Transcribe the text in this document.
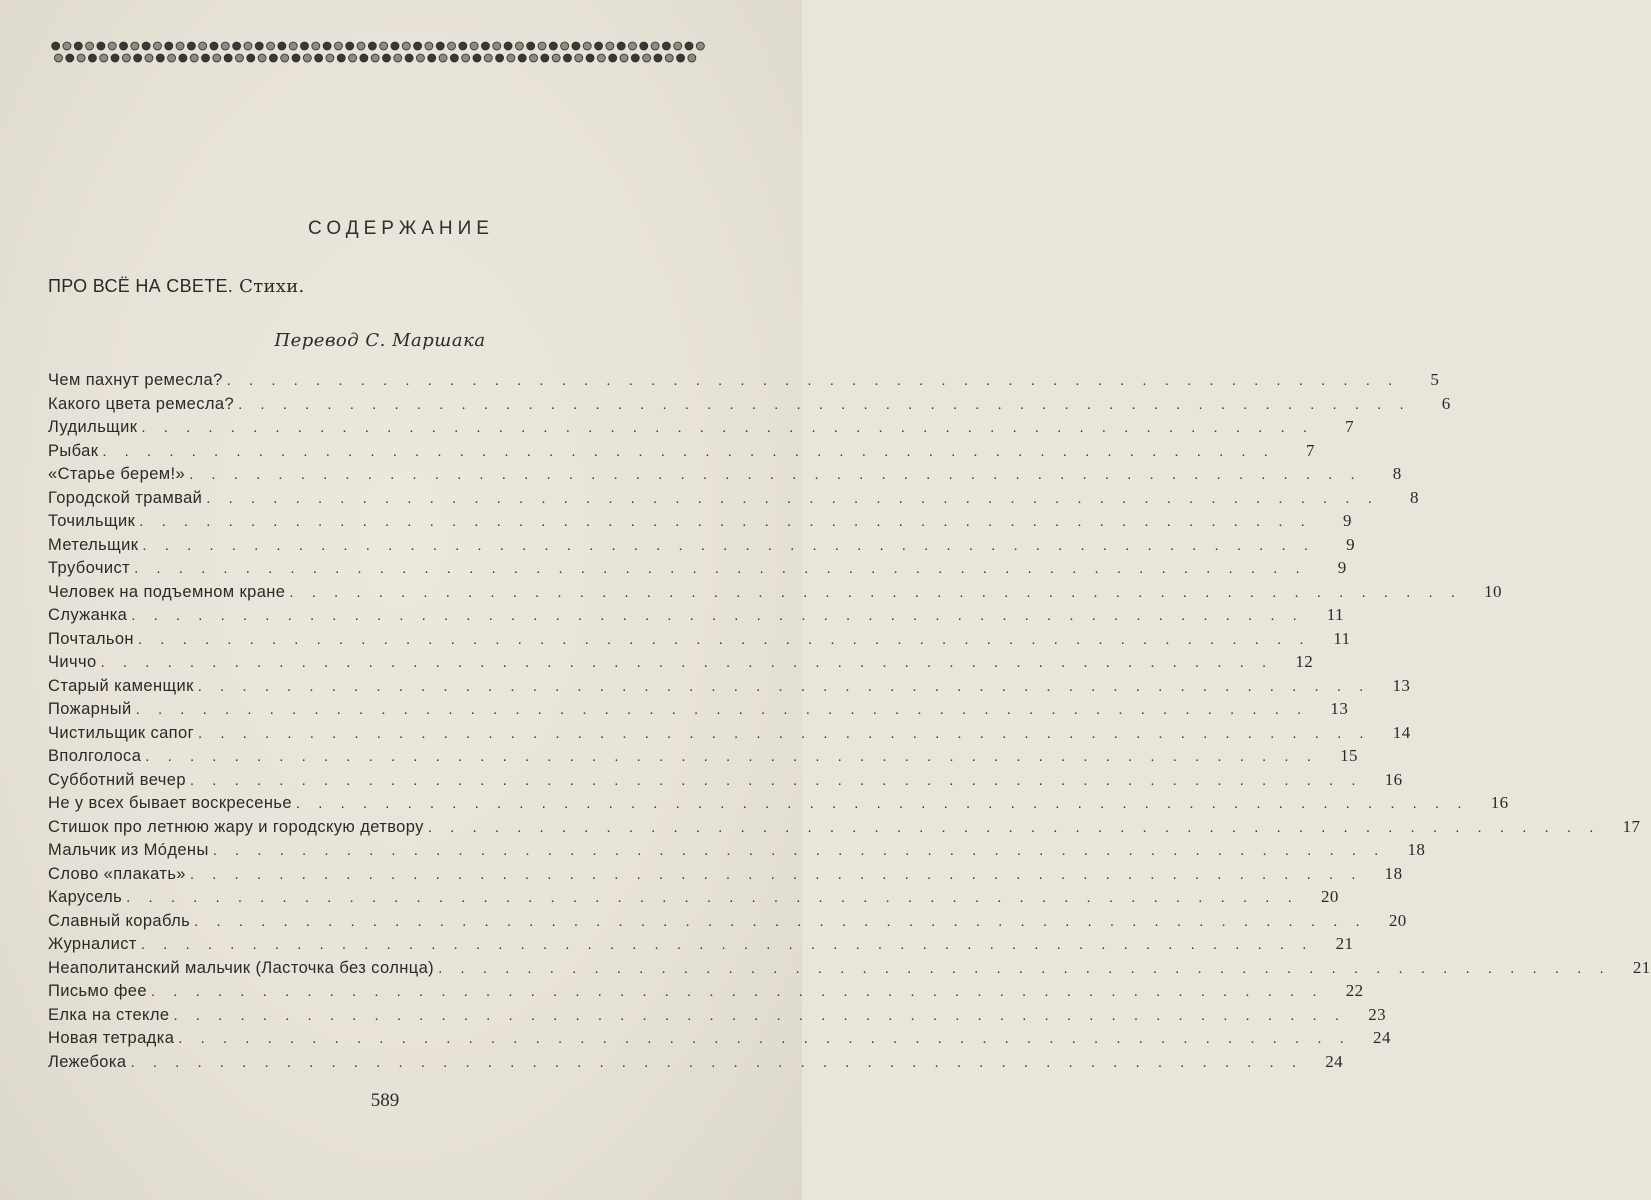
СОДЕРЖАНИЕ
ПРО ВСЁ НА СВЕТЕ. Стихи.
Перевод С. Маршака
Чем пахнут ремесла? . . . . . . . . . . . . . . . . . . . . . . . . . . . . . . . . . . . . . . . . . . . . . . . . . . . . .	5
Какого цвета ремесла? . . . . . . . . . . . . . . . . . . . . . . . . . . . . . . . . . . . . . . . . . . . . . . . . . . . . .	6
Лудильщик . . . . . . . . . . . . . . . . . . . . . . . . . . . . . . . . . . . . . . . . . . . . . . . . . . . . .	7
Рыбак . . . . . . . . . . . . . . . . . . . . . . . . . . . . . . . . . . . . . . . . . . . . . . . . . . . . .	7
«Старье берем!» . . . . . . . . . . . . . . . . . . . . . . . . . . . . . . . . . . . . . . . . . . . . . . . . . . . . .	8
Городской трамвай . . . . . . . . . . . . . . . . . . . . . . . . . . . . . . . . . . . . . . . . . . . . . . . . . . . . .	8
Точильщик . . . . . . . . . . . . . . . . . . . . . . . . . . . . . . . . . . . . . . . . . . . . . . . . . . . . .	9
Метельщик . . . . . . . . . . . . . . . . . . . . . . . . . . . . . . . . . . . . . . . . . . . . . . . . . . . . .	9
Трубочист . . . . . . . . . . . . . . . . . . . . . . . . . . . . . . . . . . . . . . . . . . . . . . . . . . . . .	9
Человек на подъемном кране . . . . . . . . . . . . . . . . . . . . . . . . . . . . . . . . . . . . . . . . . . . . . . . . . . . . .	10
Служанка . . . . . . . . . . . . . . . . . . . . . . . . . . . . . . . . . . . . . . . . . . . . . . . . . . . . .	11
Почтальон . . . . . . . . . . . . . . . . . . . . . . . . . . . . . . . . . . . . . . . . . . . . . . . . . . . . .	11
Чиччо . . . . . . . . . . . . . . . . . . . . . . . . . . . . . . . . . . . . . . . . . . . . . . . . . . . . .	12
Старый каменщик . . . . . . . . . . . . . . . . . . . . . . . . . . . . . . . . . . . . . . . . . . . . . . . . . . . . .	13
Пожарный . . . . . . . . . . . . . . . . . . . . . . . . . . . . . . . . . . . . . . . . . . . . . . . . . . . . .	13
Чистильщик сапог . . . . . . . . . . . . . . . . . . . . . . . . . . . . . . . . . . . . . . . . . . . . . . . . . . . . .	14
Вполголоса . . . . . . . . . . . . . . . . . . . . . . . . . . . . . . . . . . . . . . . . . . . . . . . . . . . . .	15
Субботний вечер . . . . . . . . . . . . . . . . . . . . . . . . . . . . . . . . . . . . . . . . . . . . . . . . . . . . .	16
Не у всех бывает воскресенье . . . . . . . . . . . . . . . . . . . . . . . . . . . . . . . . . . . . . . . . . . . . . . . . . . . . .	16
Стишок про летнюю жару и городскую детвору . . . . . . . . . . . . . . . . . . . . . . . . . . . . . . . . . . . . . . . . . . . . . . . . . . . . .	17
Мальчик из Мóдены . . . . . . . . . . . . . . . . . . . . . . . . . . . . . . . . . . . . . . . . . . . . . . . . . . . . .	18
Слово «плакать» . . . . . . . . . . . . . . . . . . . . . . . . . . . . . . . . . . . . . . . . . . . . . . . . . . . . .	18
Карусель . . . . . . . . . . . . . . . . . . . . . . . . . . . . . . . . . . . . . . . . . . . . . . . . . . . . .	20
Славный корабль . . . . . . . . . . . . . . . . . . . . . . . . . . . . . . . . . . . . . . . . . . . . . . . . . . . . .	20
Журналист . . . . . . . . . . . . . . . . . . . . . . . . . . . . . . . . . . . . . . . . . . . . . . . . . . . . .	21
Неаполитанский мальчик (Ласточка без солнца) . . . . . . . . . . . . . . . . . . . . . . . . . . . . . . . . . . . . . . . . . . . . . . . . . . . . .	21
Письмо фее . . . . . . . . . . . . . . . . . . . . . . . . . . . . . . . . . . . . . . . . . . . . . . . . . . . . .	22
Елка на стекле . . . . . . . . . . . . . . . . . . . . . . . . . . . . . . . . . . . . . . . . . . . . . . . . . . . . .	23
Новая тетрадка . . . . . . . . . . . . . . . . . . . . . . . . . . . . . . . . . . . . . . . . . . . . . . . . . . . . .	24
Лежебока . . . . . . . . . . . . . . . . . . . . . . . . . . . . . . . . . . . . . . . . . . . . . . . . . . . . .	24
589
